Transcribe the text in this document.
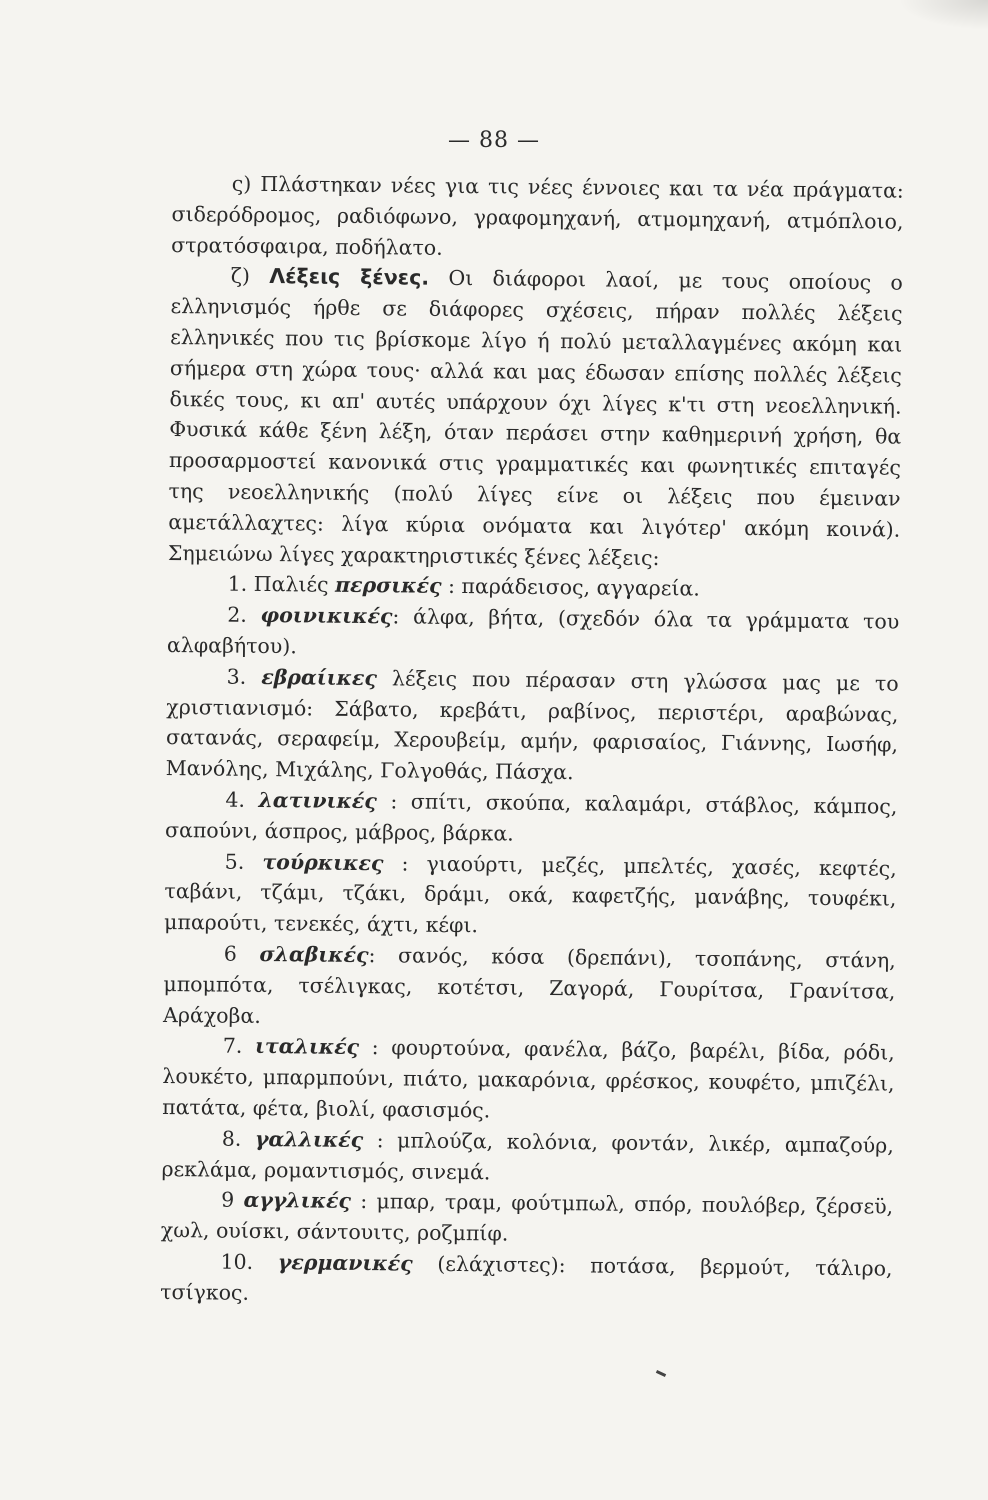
— 88 —

ς) Πλάστηκαν νέες για τις νέες έννοιες και τα νέα πράγματα: σιδερόδρομος, ραδιόφωνο, γραφομηχανή, ατμομηχανή, ατμόπλοιο, στρατόσφαιρα, ποδήλατο.

ζ) Λέξεις ξένες. Οι διάφοροι λαοί, με τους οποίους ο ελληνισμός ήρθε σε διάφορες σχέσεις, πήραν πολλές λέξεις ελληνικές που τις βρίσκομε λίγο ή πολύ μεταλλαγμένες ακόμη και σήμερα στη χώρα τους· αλλά και μας έδωσαν επίσης πολλές λέξεις δικές τους, κι απ' αυτές υπάρχουν όχι λίγες κ'τι στη νεοελληνική. Φυσικά κάθε ξένη λέξη, όταν περάσει στην καθημερινή χρήση, θα προσαρμοστεί κανονικά στις γραμματικές και φωνητικές επιταγές της νεοελληνικής (πολύ λίγες είνε οι λέξεις που έμειναν αμετάλλαχτες: λίγα κύρια ονόματα και λιγότερ' ακόμη κοινά). Σημειώνω λίγες χαρακτηριστικές ξένες λέξεις:

1. Παλιές περσικές : παράδεισος, αγγαρεία.

2. φοινικικές: άλφα, βήτα, (σχεδόν όλα τα γράμματα του αλφαβήτου).

3. εβραίικες λέξεις που πέρασαν στη γλώσσα μας με το χριστιανισμό: Σάβατο, κρεβάτι, ραβίνος, περιστέρι, αραβώνας, σατανάς, σεραφείμ, Χερουβείμ, αμήν, φαρισαίος, Γιάννης, Ιωσήφ, Μανόλης, Μιχάλης, Γολγοθάς, Πάσχα.

4. λατινικές : σπίτι, σκούπα, καλαμάρι, στάβλος, κάμπος, σαπούνι, άσπρος, μάβρος, βάρκα.

5. τούρκικες : γιαούρτι, μεζές, μπελτές, χασές, κεφτές, ταβάνι, τζάμι, τζάκι, δράμι, οκά, καφετζής, μανάβης, τουφέκι, μπαρούτι, τενεκές, άχτι, κέφι.

6 σλαβικές: σανός, κόσα (δρεπάνι), τσοπάνης, στάνη, μπομπότα, τσέλιγκας, κοτέτσι, Ζαγορά, Γουρίτσα, Γρανίτσα, Αράχοβα.

7. ιταλικές : φουρτούνα, φανέλα, βάζο, βαρέλι, βίδα, ρόδι, λουκέτο, μπαρμπούνι, πιάτο, μακαρόνια, φρέσκος, κουφέτο, μπιζέλι, πατάτα, φέτα, βιολί, φασισμός.

8. γαλλικές : μπλούζα, κολόνια, φοντάν, λικέρ, αμπαζούρ, ρεκλάμα, ρομαντισμός, σινεμά.

9 αγγλικές : μπαρ, τραμ, φούτμπωλ, σπόρ, πουλόβερ, ζέρσεϋ, χωλ, ουίσκι, σάντουιτς, ροζμπίφ.

10. γερμανικές (ελάχιστες): ποτάσα, βερμούτ, τάλιρο, τσίγκος.
